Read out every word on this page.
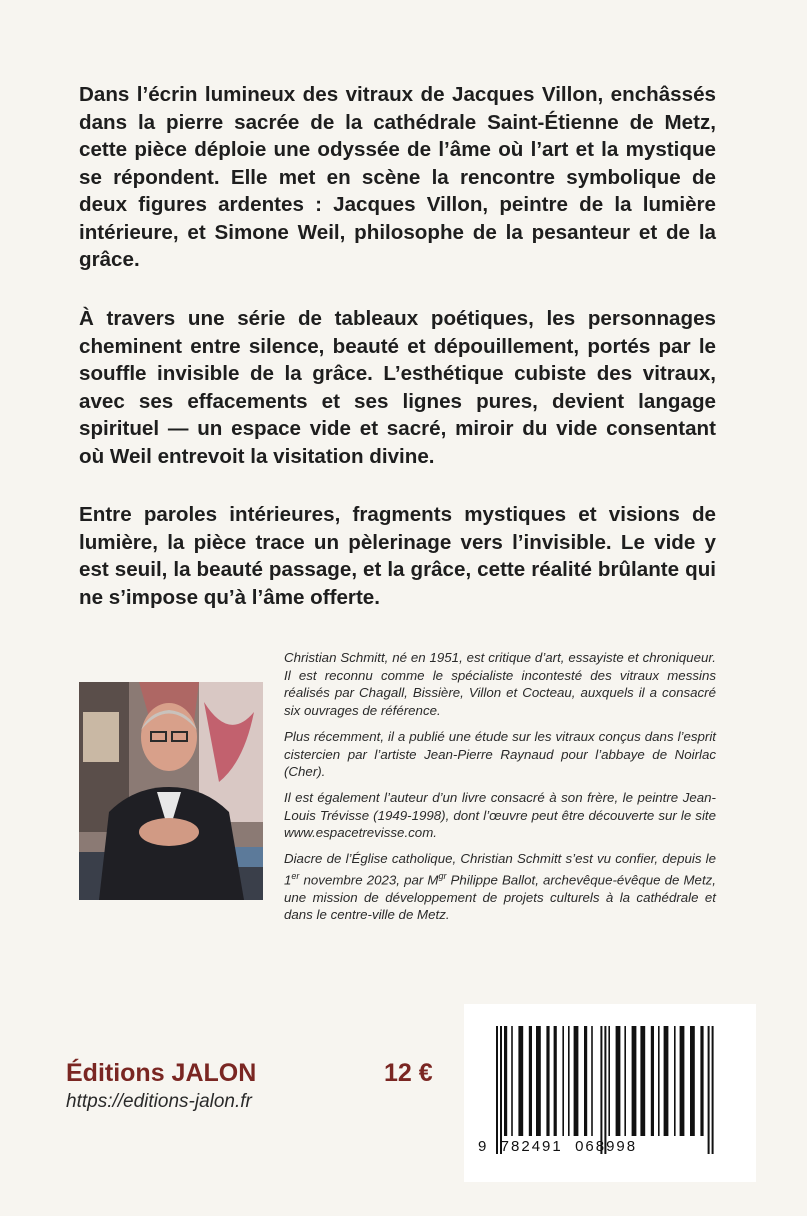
Dans l’écrin lumineux des vitraux de Jacques Villon, enchâssés dans la pierre sacrée de la cathédrale Saint-Étienne de Metz, cette pièce déploie une odyssée de l’âme où l’art et la mystique se répondent. Elle met en scène la rencontre symbolique de deux figures ardentes : Jacques Villon, peintre de la lumière intérieure, et Simone Weil, philosophe de la pesanteur et de la grâce.

À travers une série de tableaux poétiques, les personnages cheminent entre silence, beauté et dépouillement, portés par le souffle invisible de la grâce. L’esthétique cubiste des vitraux, avec ses effacements et ses lignes pures, devient langage spirituel — un espace vide et sacré, miroir du vide consentant où Weil entrevoit la visitation divine.

Entre paroles intérieures, fragments mystiques et visions de lumière, la pièce trace un pèlerinage vers l’invisible. Le vide y est seuil, la beauté passage, et la grâce, cette réalité brûlante qui ne s’impose qu’à l’âme offerte.

Christian Schmitt, né en 1951, est critique d’art, essayiste et chroniqueur. Il est reconnu comme le spécialiste incontesté des vitraux messins réalisés par Chagall, Bissière, Villon et Cocteau, auxquels il a consacré six ouvrages de référence.

Plus récemment, il a publié une étude sur les vitraux conçus dans l’esprit cistercien par l’artiste Jean-Pierre Raynaud pour l’abbaye de Noirlac (Cher).

Il est également l’auteur d’un livre consacré à son frère, le peintre Jean-Louis Trévisse (1949-1998), dont l’œuvre peut être découverte sur le site www.espacetrevisse.com.

Diacre de l’Église catholique, Christian Schmitt s’est vu confier, depuis le 1er novembre 2023, par $M^{gr}$ Philippe Ballot, archevêque-évêque de Metz, une mission de développement de projets culturels à la cathédrale et dans le centre-ville de Metz.

Éditions JALON	12 €

https://editions-jalon.fr

9  782491  068998
